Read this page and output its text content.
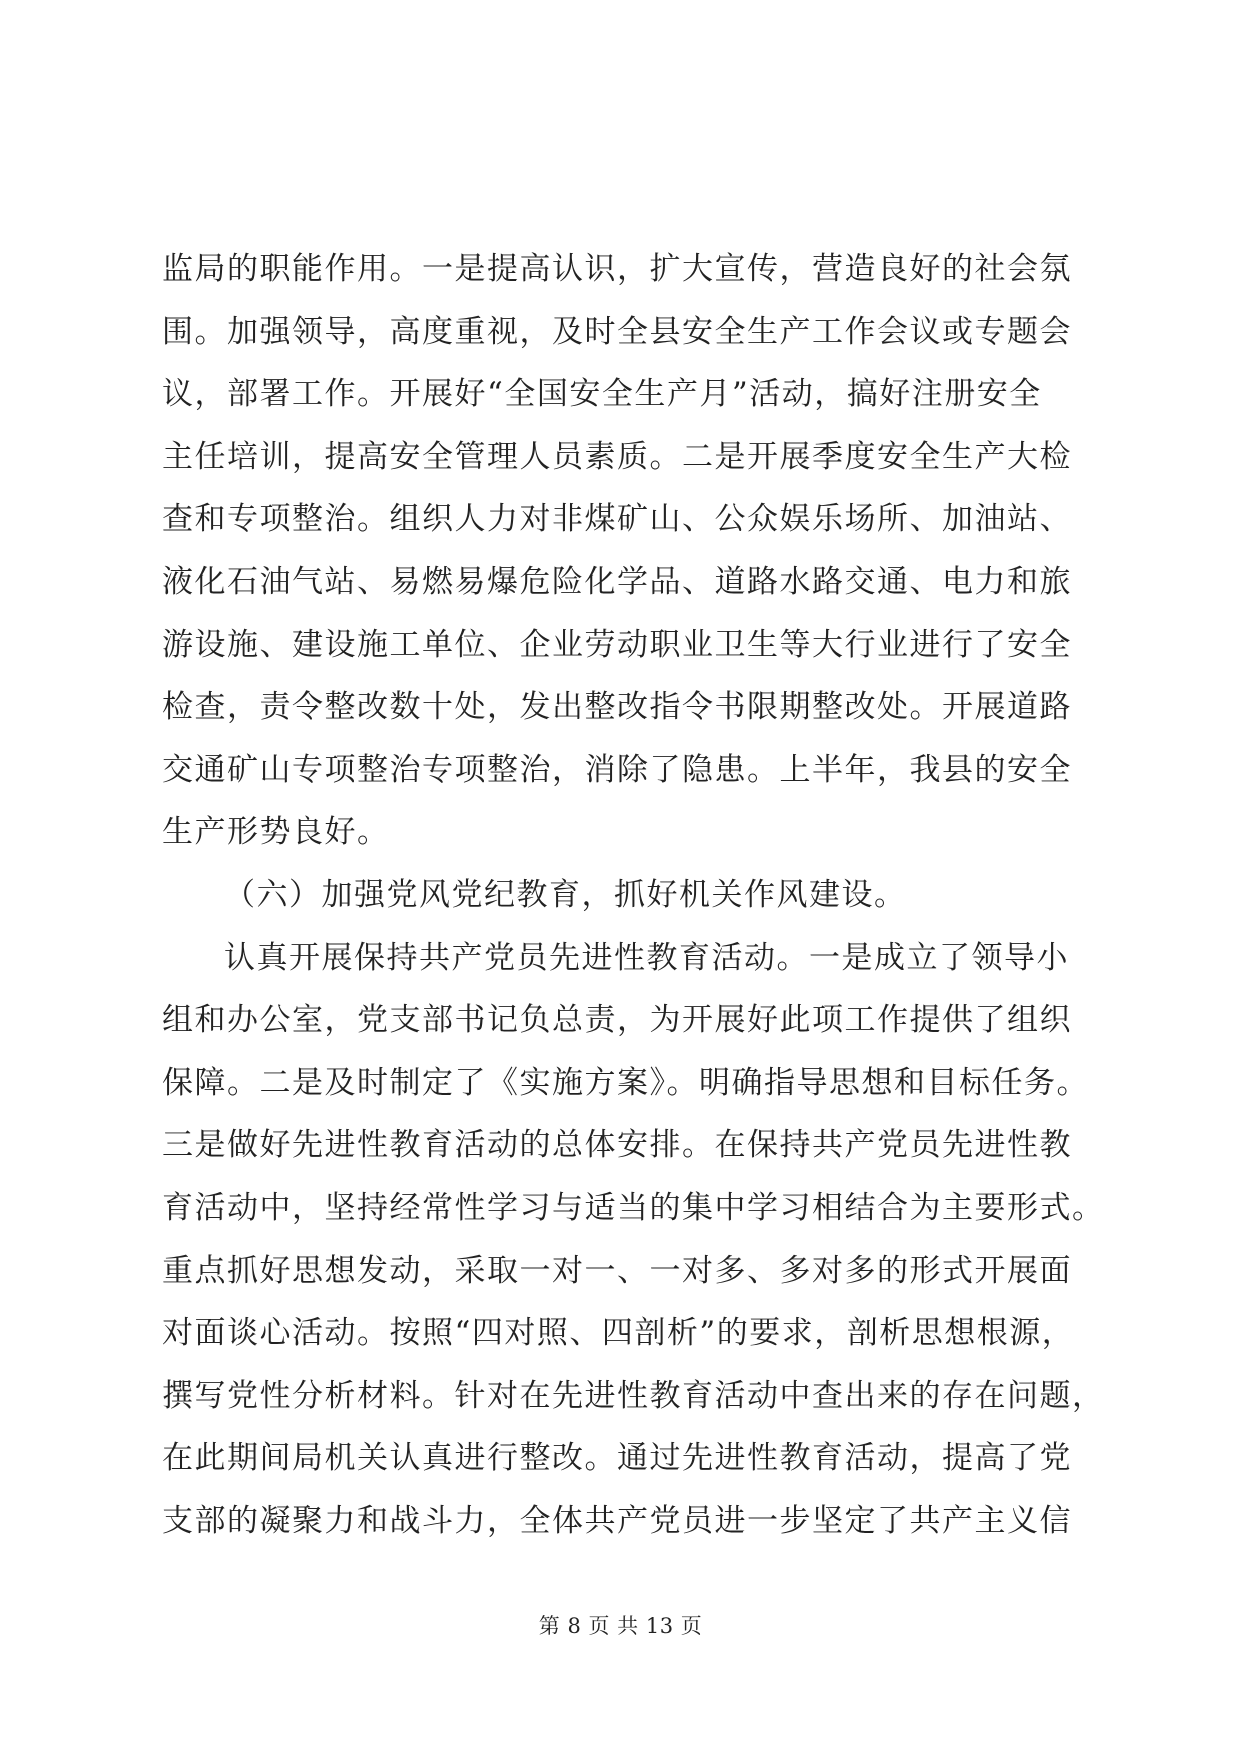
监局的职能作用。一是提高认识，扩大宣传，营造良好的社会氛
围。加强领导，高度重视，及时全县安全生产工作会议或专题会
议，部署工作。开展好“全国安全生产月”活动，搞好注册安全
主任培训，提高安全管理人员素质。二是开展季度安全生产大检
查和专项整治。组织人力对非煤矿山、公众娱乐场所、加油站、
液化石油气站、易燃易爆危险化学品、道路水路交通、电力和旅
游设施、建设施工单位、企业劳动职业卫生等大行业进行了安全
检查，责令整改数十处，发出整改指令书限期整改处。开展道路
交通矿山专项整治专项整治，消除了隐患。上半年，我县的安全
生产形势良好。
（六）加强党风党纪教育，抓好机关作风建设。
认真开展保持共产党员先进性教育活动。一是成立了领导小
组和办公室，党支部书记负总责，为开展好此项工作提供了组织
保障。二是及时制定了《实施方案》。明确指导思想和目标任务。
三是做好先进性教育活动的总体安排。在保持共产党员先进性教
育活动中，坚持经常性学习与适当的集中学习相结合为主要形式。
重点抓好思想发动，采取一对一、一对多、多对多的形式开展面
对面谈心活动。按照“四对照、四剖析”的要求，剖析思想根源，
撰写党性分析材料。针对在先进性教育活动中查出来的存在问题，
在此期间局机关认真进行整改。通过先进性教育活动，提高了党
支部的凝聚力和战斗力，全体共产党员进一步坚定了共产主义信
第 8 页 共 13 页
